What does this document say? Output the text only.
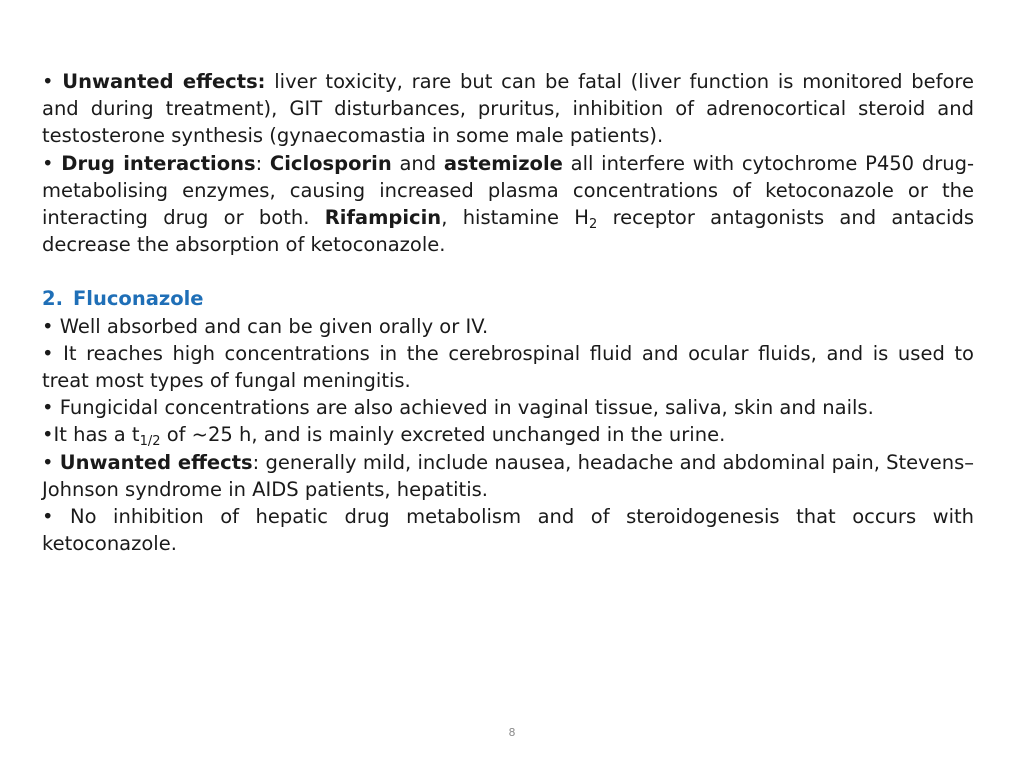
• Unwanted effects: liver toxicity, rare but can be fatal (liver function is monitored before and during treatment), GIT disturbances, pruritus, inhibition of adrenocortical steroid and testosterone synthesis (gynaecomastia in some male patients).

• Drug interactions: Ciclosporin and astemizole all interfere with cytochrome P450 drug-metabolising enzymes, causing increased plasma concentrations of ketoconazole or the interacting drug or both. Rifampicin, histamine $H_2$ receptor antagonists and antacids decrease the absorption of ketoconazole.

2. Fluconazole

• Well absorbed and can be given orally or IV.

• It reaches high concentrations in the cerebrospinal fluid and ocular fluids, and is used to treat most types of fungal meningitis.

• Fungicidal concentrations are also achieved in vaginal tissue, saliva, skin and nails.

•It has a $t_{1/2}$ of ~25 h, and is mainly excreted unchanged in the urine.

• Unwanted effects: generally mild, include nausea, headache and abdominal pain, Stevens–Johnson syndrome in AIDS patients, hepatitis.

• No inhibition of hepatic drug metabolism and of steroidogenesis that occurs with ketoconazole.

8
